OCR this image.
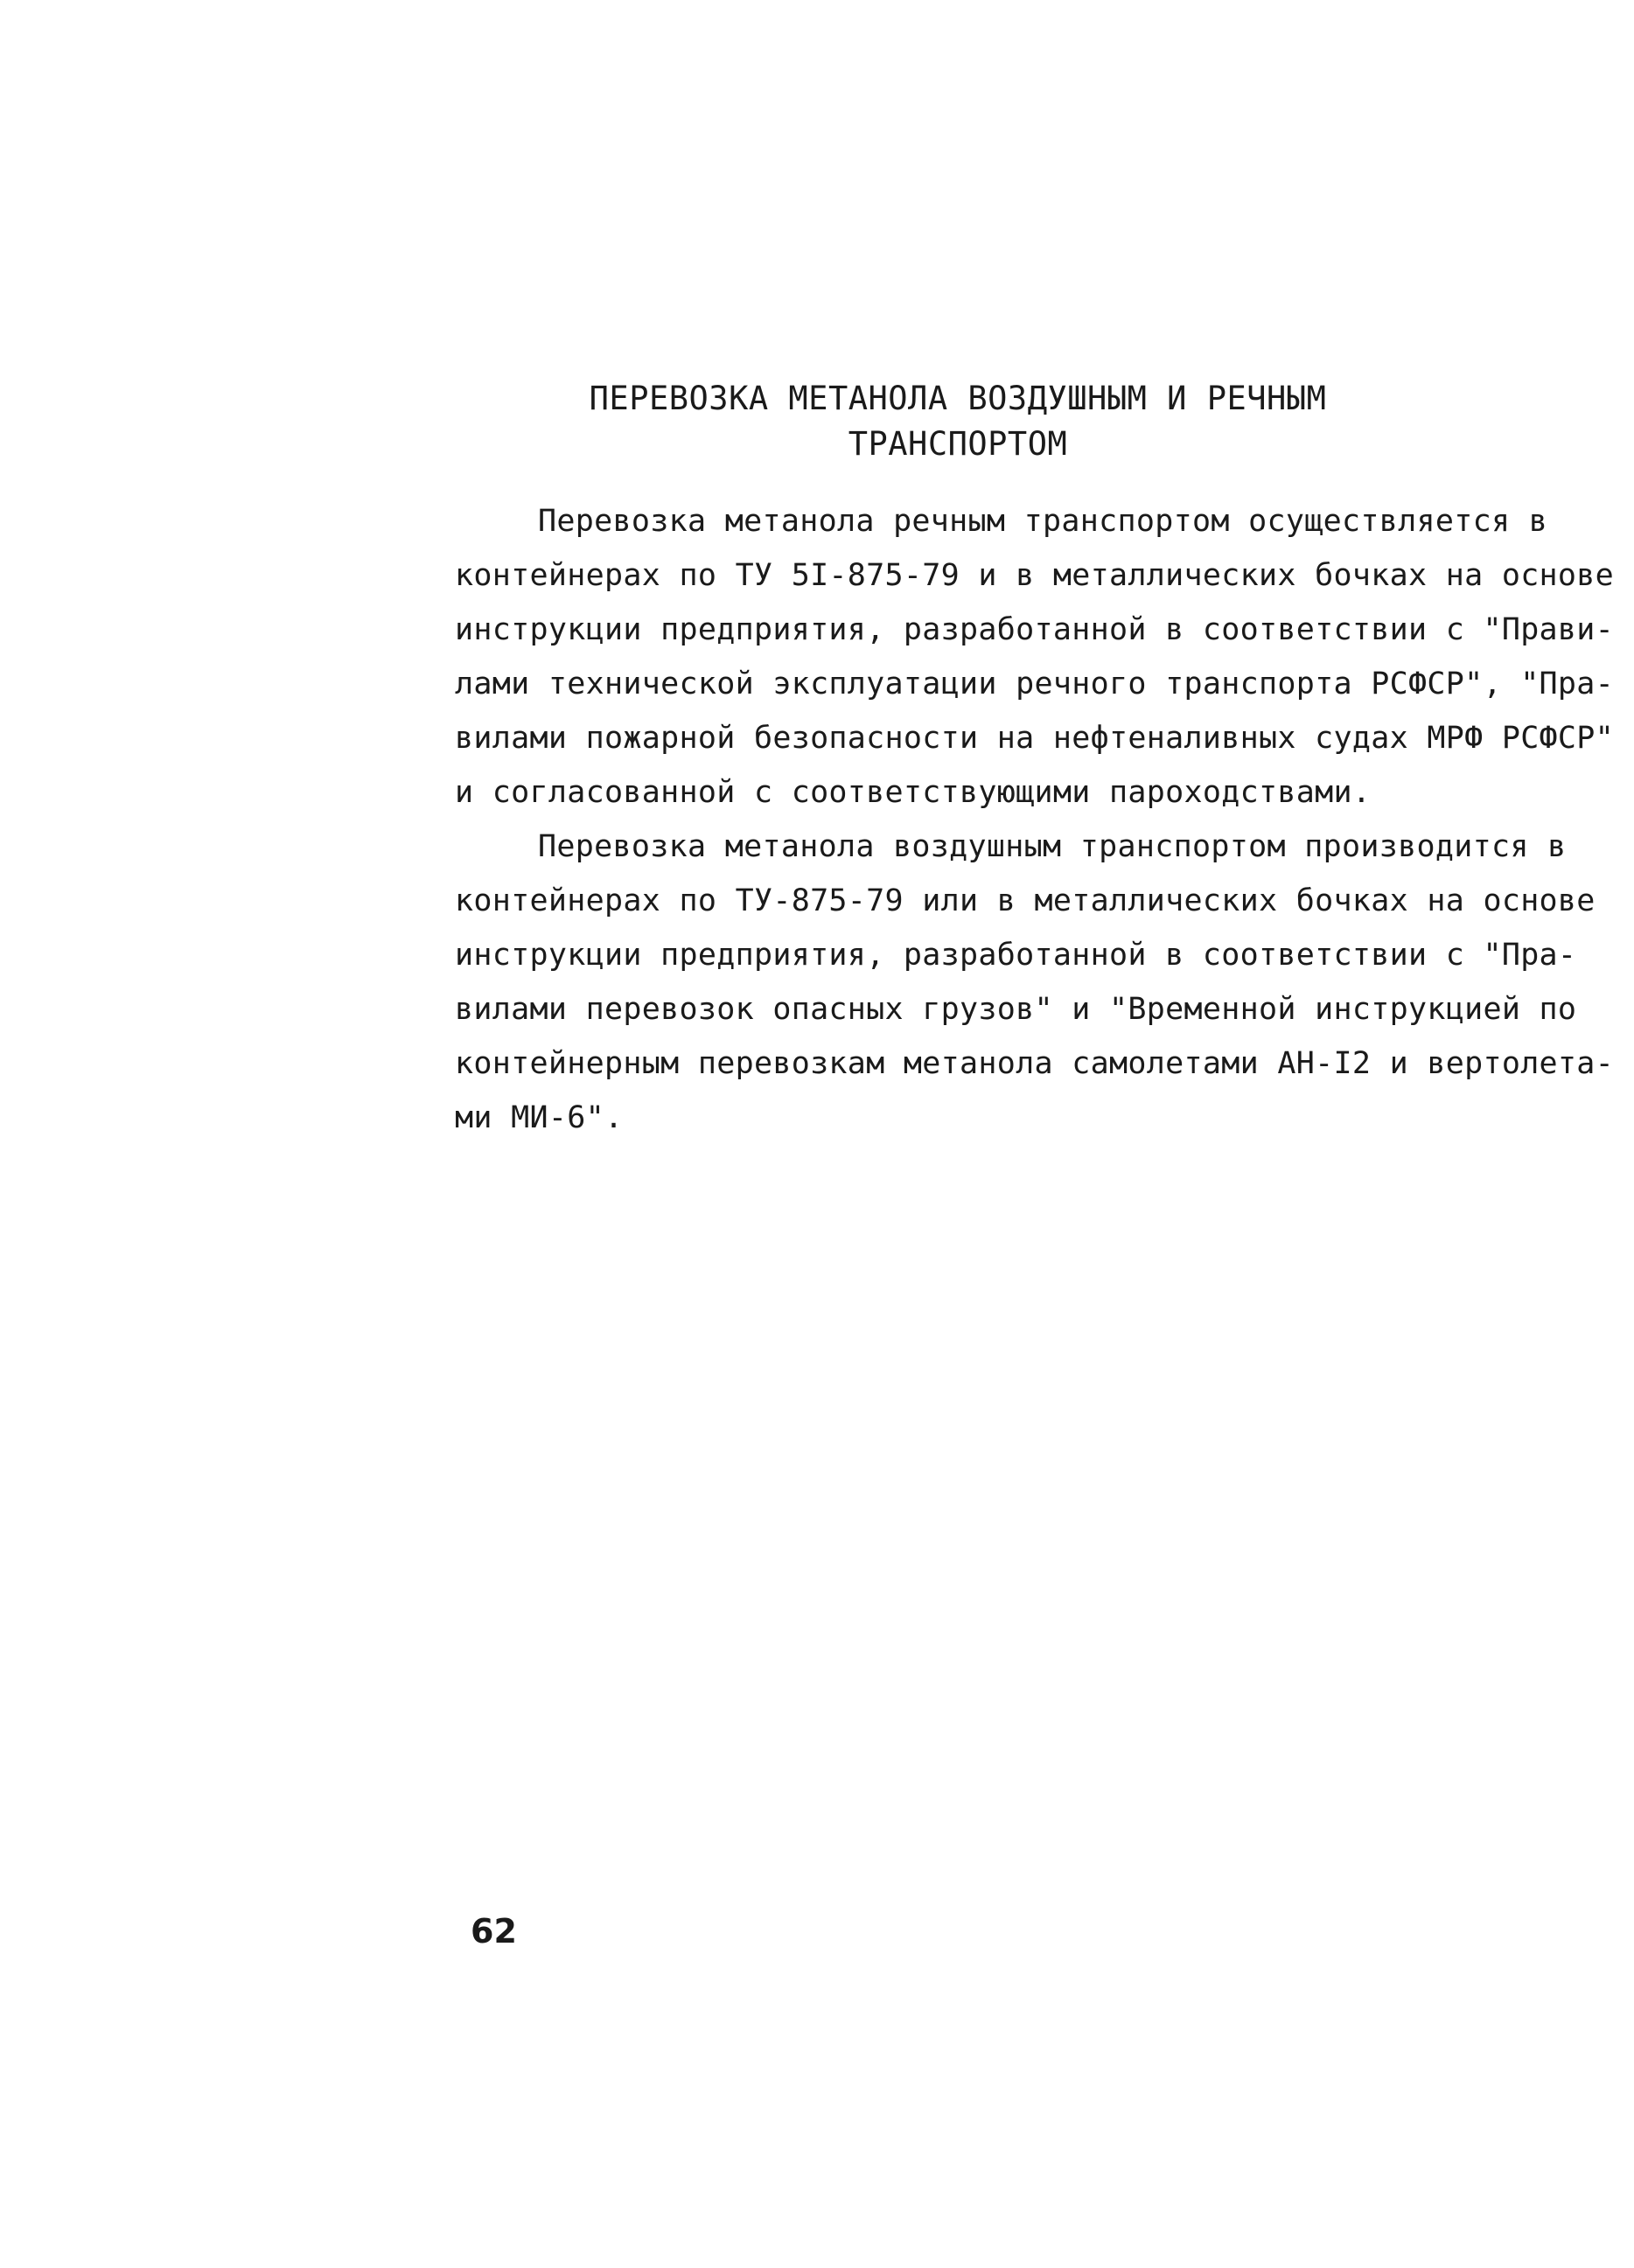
ПЕРЕВОЗКА МЕТАНОЛА ВОЗДУШНЫМ И РЕЧНЫМ
ТРАНСПОРТОМ
Перевозка метанола речным транспортом осуществляется в
контейнерах по ТУ 5I-875-79 и в металлических бочках на основе
инструкции предприятия, разработанной в соответствии с "Прави-
лами технической эксплуатации речного транспорта РСФСР", "Пра-
вилами пожарной безопасности на нефтеналивных судах МРФ РСФСР"
и согласованной с соответствующими пароходствами.
Перевозка метанола воздушным транспортом производится в
контейнерах по ТУ-875-79 или в металлических бочках на основе
инструкции предприятия, разработанной в соответствии с "Пра-
вилами перевозок опасных грузов" и "Временной инструкцией по
контейнерным перевозкам метанола самолетами АН-I2 и вертолета-
ми МИ-6".
62
